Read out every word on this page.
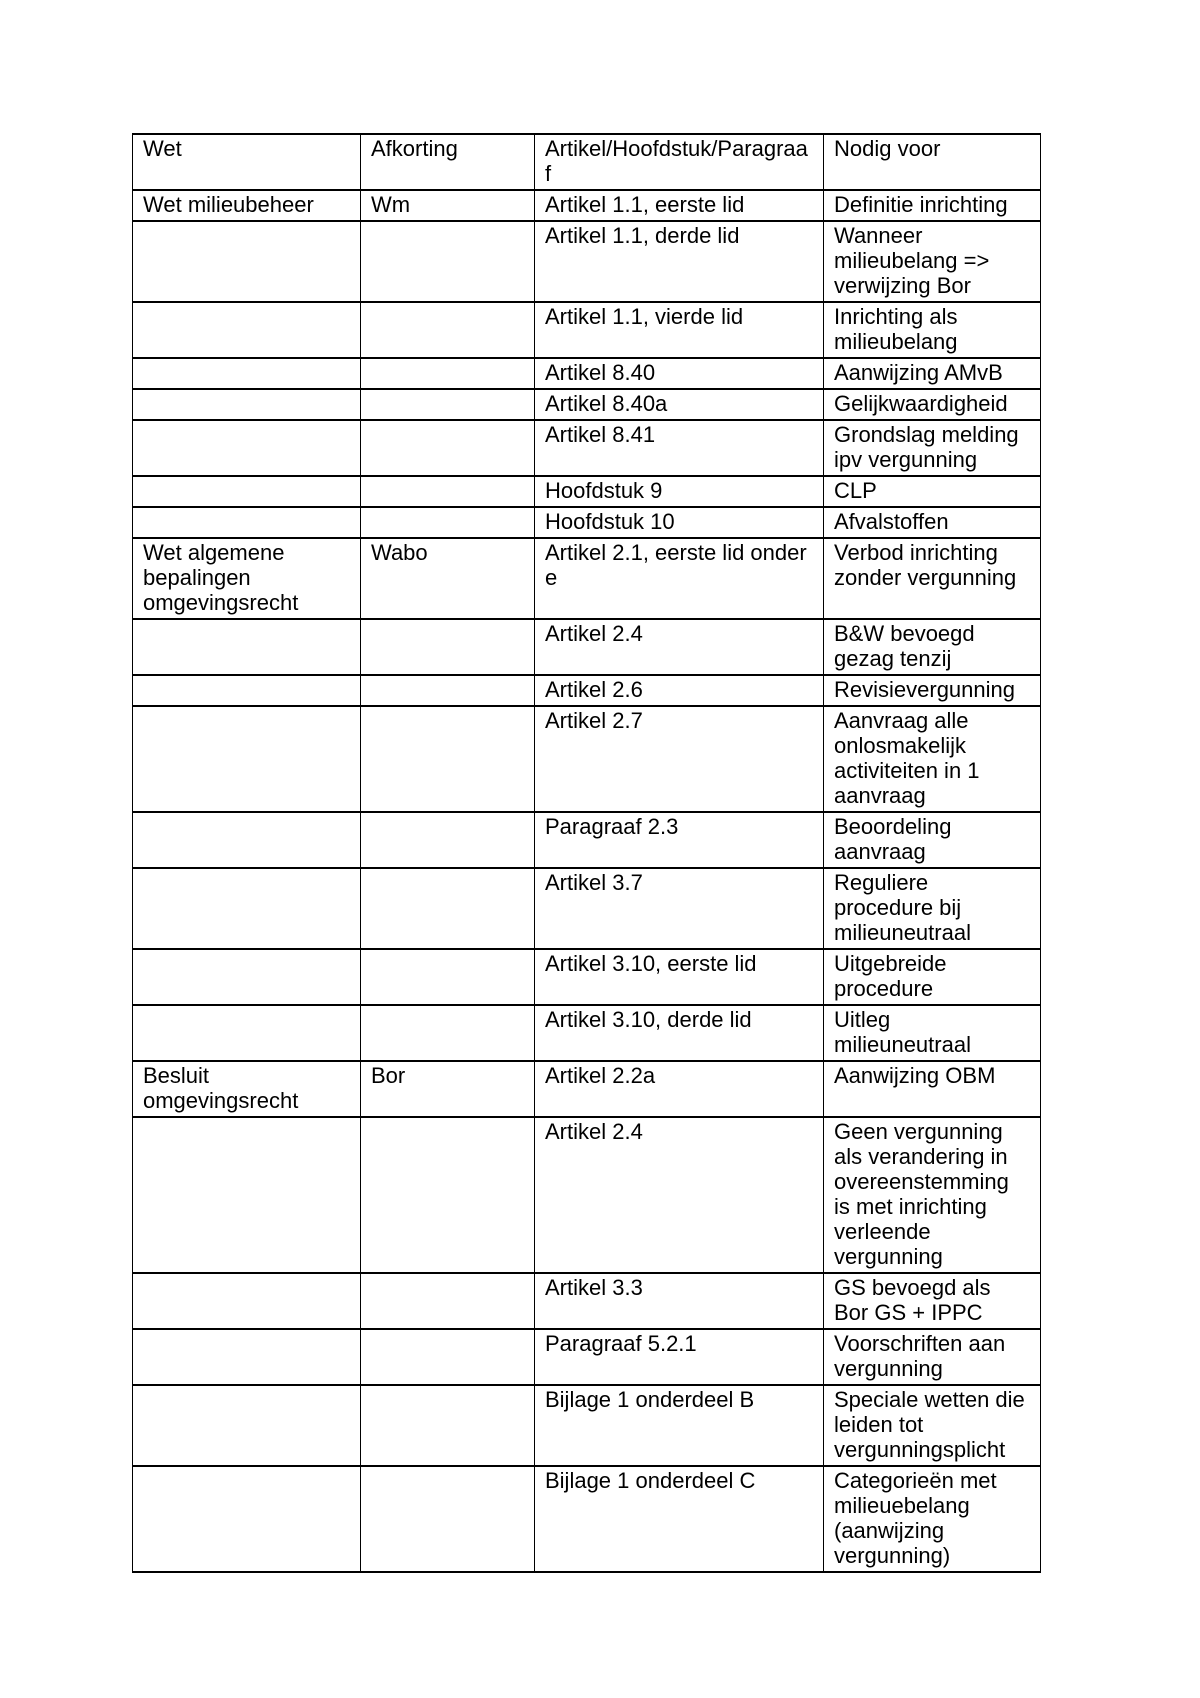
Wet	Afkorting	Artikel/Hoofdstuk/Paragraaf	Nodig voor
Wet milieubeheer	Wm	Artikel 1.1, eerste lid	Definitie inrichting
		Artikel 1.1, derde lid	Wanneer milieubelang => verwijzing Bor
		Artikel 1.1, vierde lid	Inrichting als milieubelang
		Artikel 8.40	Aanwijzing AMvB
		Artikel 8.40a	Gelijkwaardigheid
		Artikel 8.41	Grondslag melding ipv vergunning
		Hoofdstuk 9	CLP
		Hoofdstuk 10	Afvalstoffen
Wet algemene bepalingen omgevingsrecht	Wabo	Artikel 2.1, eerste lid onder e	Verbod inrichting zonder vergunning
		Artikel 2.4	B&W bevoegd gezag tenzij
		Artikel 2.6	Revisievergunning
		Artikel 2.7	Aanvraag alle onlosmakelijk activiteiten in 1 aanvraag
		Paragraaf 2.3	Beoordeling aanvraag
		Artikel 3.7	Reguliere procedure bij milieuneutraal
		Artikel 3.10, eerste lid	Uitgebreide procedure
		Artikel 3.10, derde lid	Uitleg milieuneutraal
Besluit omgevingsrecht	Bor	Artikel 2.2a	Aanwijzing OBM
		Artikel 2.4	Geen vergunning als verandering in overeenstemming is met inrichting verleende vergunning
		Artikel 3.3	GS bevoegd als Bor GS + IPPC
		Paragraaf 5.2.1	Voorschriften aan vergunning
		Bijlage 1 onderdeel B	Speciale wetten die leiden tot vergunningsplicht
		Bijlage 1 onderdeel C	Categorieën met milieuebelang (aanwijzing vergunning)
